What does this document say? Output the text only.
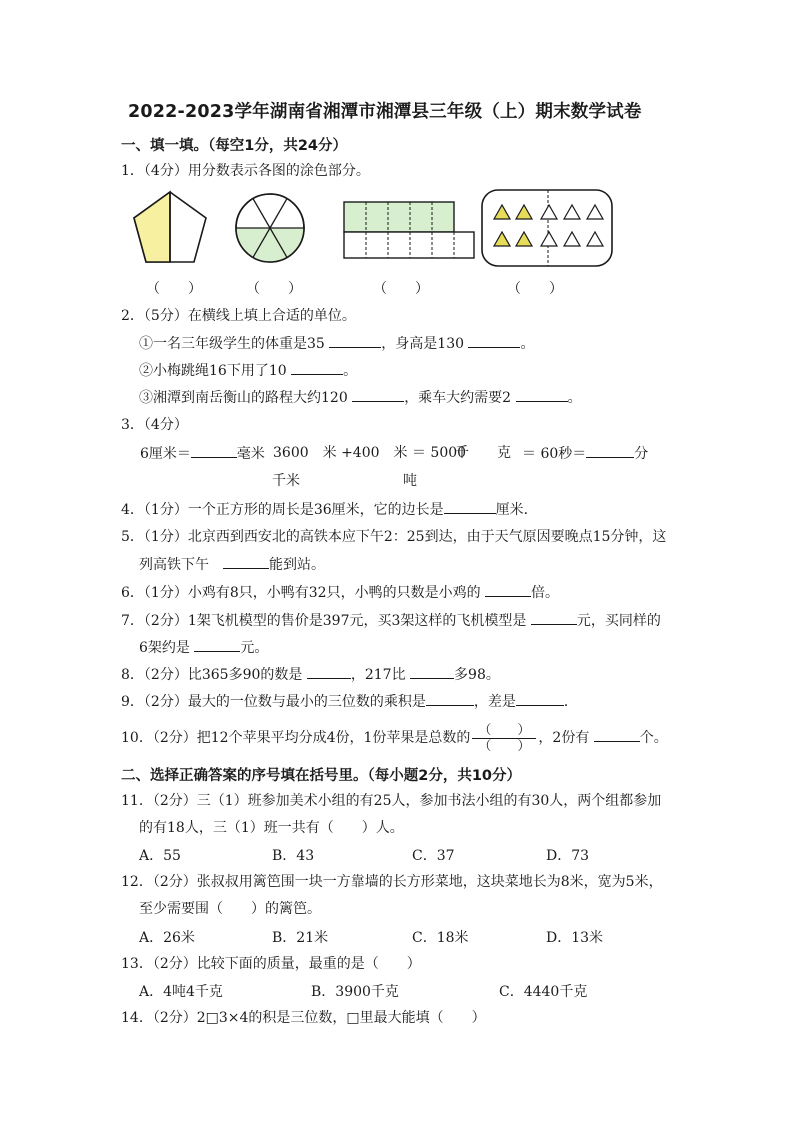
2022-2023学年湖南省湘潭市湘潭县三年级（上）期末数学试卷
一、填一填。（每空1分，共24分）
1．（4分）用分数表示各图的涂色部分。
（　　）	（　　）	（　　）	（　　）
2．（5分）在横线上填上合适的单位。
①一名三年级学生的体重是35	，身高是130	。
②小梅跳绳16下用了10	。
③湘潭到南岳衡山的路程大约120	，乘车大约需要2	。
3．（4分）
6厘米＝	毫米 3600　米 +400　米 ＝ 5000
千　　克 ＝ 60秒＝	分
千米	吨
4．（1分）一个正方形的周长是36厘米，它的边长是	厘米．
5．（1分）北京西到西安北的高铁本应下午2：25到达，由于天气原因要晚点15分钟，这
列高铁下午　	能到站。
6．（1分）小鸡有8只，小鸭有32只，小鸭的只数是小鸡的	倍。
7．（2分）1架飞机模型的售价是397元，买3架这样的飞机模型是	元，买同样的
6架约是	元。
8．（2分）比365多90的数是	，217比	多98。
9．（2分）最大的一位数与最小的三位数的乘积是	，差是	．
10．（2分）把12个苹果平均分成4份，1份苹果是总数的 $\frac{( )}{( )}$ ，2份有	个。
二、选择正确答案的序号填在括号里。（每小题2分，共10分）
11．（2分）三（1）班参加美术小组的有25人，参加书法小组的有30人，两个组都参加
的有18人，三（1）班一共有（　　）人。
A．55	B．43	C．37	D．73
12．（2分）张叔叔用篱笆围一块一方靠墙的长方形菜地，这块菜地长为8米，宽为5米，
至少需要围（　　）的篱笆。
A．26米	B．21米	C．18米	D．13米
13．（2分）比较下面的质量，最重的是（　　）
A．4吨4千克	B．3900千克	C．4440千克
14．（2分）2□3×4的积是三位数，□里最大能填（　　）
